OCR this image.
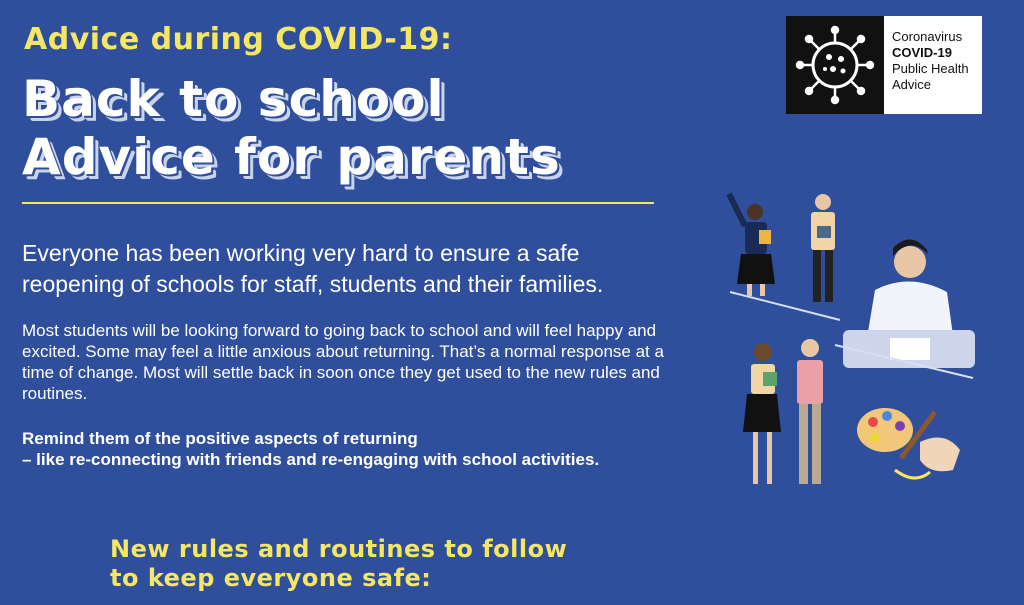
Advice during COVID-19:
Back to school
Advice for parents
Everyone has been working very hard to ensure a safe reopening of schools for staff, students and their families.
Most students will be looking forward to going back to school and will feel happy and excited. Some may feel a little anxious about returning. That’s a normal response at a time of change. Most will settle back in soon once they get used to the new rules and routines.
Remind them of the positive aspects of returning
– like re-connecting with friends and re-engaging with school activities.
New rules and routines to follow
to keep everyone safe:
Coronavirus
COVID-19
Public Health
Advice
